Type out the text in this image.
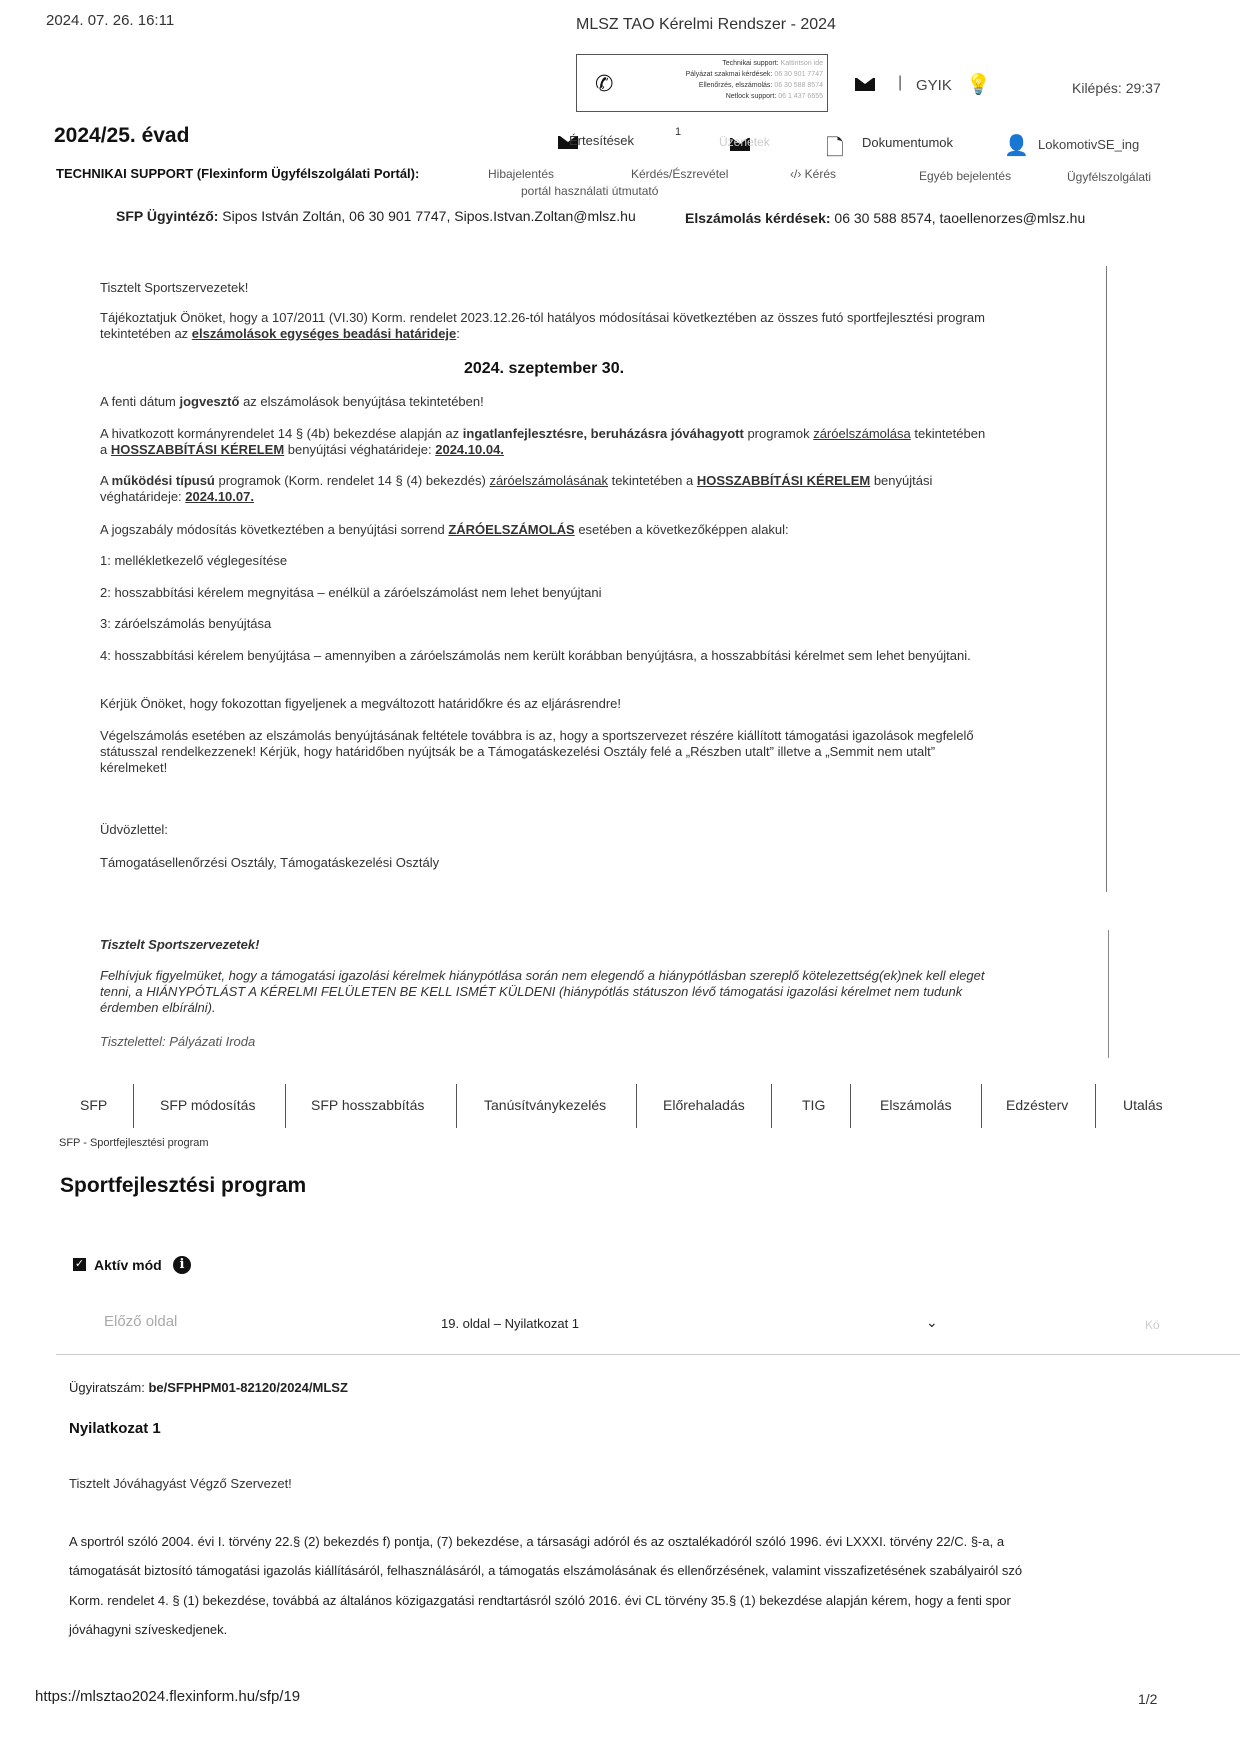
2024. 07. 26. 16:11	MLSZ TAO Kérelmi Rendszer - 2024
✆
Technikai support: Kattintson ide
Pályázat szakmai kérdések: 06 30 901 7747
Ellenőrzés, elszámolás: 06 30 588 8574
Netlock support: 06 1 437 6655

| GYIK 💡	Kilépés: 29:37
2024/25. évad
	Értesítések
1
Üzenetek	🗋 Dokumentumok	👤 LokomotivSE_ing
TECHNIKAI SUPPORT (Flexinform Ügyfélszolgálati Portál):	Hibajelentés	Kérdés/Észrevétel	‹/› Kérés	Egyéb bejelentés	Ügyfélszolgálati
portál használati útmutató
SFP Ügyintéző: Sipos István Zoltán, 06 30 901 7747, Sipos.Istvan.Zoltan@mlsz.hu	Elszámolás kérdések: 06 30 588 8574, taoellenorzes@mlsz.hu
Tisztelt Sportszervezetek!
Tájékoztatjuk Önöket, hogy a 107/2011 (VI.30) Korm. rendelet 2023.12.26-tól hatályos módosításai következtében az összes futó sportfejlesztési program tekintetében az elszámolások egységes beadási határideje:
2024. szeptember 30.
A fenti dátum jogvesztő az elszámolások benyújtása tekintetében!
A hivatkozott kormányrendelet 14 § (4b) bekezdése alapján az ingatlanfejlesztésre, beruházásra jóváhagyott programok záróelszámolása tekintetében a HOSSZABBÍTÁSI KÉRELEM benyújtási véghatárideje: 2024.10.04.
A működési típusú programok (Korm. rendelet 14 § (4) bekezdés) záróelszámolásának tekintetében a HOSSZABBÍTÁSI KÉRELEM benyújtási véghatárideje: 2024.10.07.
A jogszabály módosítás következtében a benyújtási sorrend ZÁRÓELSZÁMOLÁS esetében a következőképpen alakul:
1: mellékletkezelő véglegesítése
2: hosszabbítási kérelem megnyitása – enélkül a záróelszámolást nem lehet benyújtani
3: záróelszámolás benyújtása
4: hosszabbítási kérelem benyújtása – amennyiben a záróelszámolás nem került korábban benyújtásra, a hosszabbítási kérelmet sem lehet benyújtani.
Kérjük Önöket, hogy fokozottan figyeljenek a megváltozott határidőkre és az eljárásrendre!
Végelszámolás esetében az elszámolás benyújtásának feltétele továbbra is az, hogy a sportszervezet részére kiállított támogatási igazolások megfelelő státusszal rendelkezzenek! Kérjük, hogy határidőben nyújtsák be a Támogatáskezelési Osztály felé a „Részben utalt” illetve a „Semmit nem utalt” kérelmeket!
Üdvözlettel:
Támogatásellenőrzési Osztály, Támogatáskezelési Osztály
Tisztelt Sportszervezetek!
Felhívjuk figyelmüket, hogy a támogatási igazolási kérelmek hiánypótlása során nem elegendő a hiánypótlásban szereplő kötelezettség(ek)nek kell eleget tenni, a HIÁNYPÓTLÁST A KÉRELMI FELÜLETEN BE KELL ISMÉT KÜLDENI (hiánypótlás státuszon lévő támogatási igazolási kérelmet nem tudunk érdemben elbírálni).
Tisztelettel: Pályázati Iroda
SFP	SFP módosítás	SFP hosszabbítás	Tanúsítványkezelés	Előrehaladás	TIG	Elszámolás	Edzésterv	Utalás
SFP - Sportfejlesztési program
Sportfejlesztési program
✓ Aktív mód	i
Előző oldal	19. oldal – Nyilatkozat 1	⌄	Kö
Ügyiratszám: be/SFPHPM01-82120/2024/MLSZ
Nyilatkozat 1
Tisztelt Jóváhagyást Végző Szervezet!
A sportról szóló 2004. évi I. törvény 22.§ (2) bekezdés f) pontja, (7) bekezdése, a társasági adóról és az osztalékadóról szóló 1996. évi LXXXI. törvény 22/C. §-a, a
támogatását biztosító támogatási igazolás kiállításáról, felhasználásáról, a támogatás elszámolásának és ellenőrzésének, valamint visszafizetésének szabályairól szó
Korm. rendelet 4. § (1) bekezdése, továbbá az általános közigazgatási rendtartásról szóló 2016. évi CL törvény 35.§ (1) bekezdése alapján kérem, hogy a fenti spor
jóváhagyni szíveskedjenek.
https://mlsztao2024.flexinform.hu/sfp/19	1/2
